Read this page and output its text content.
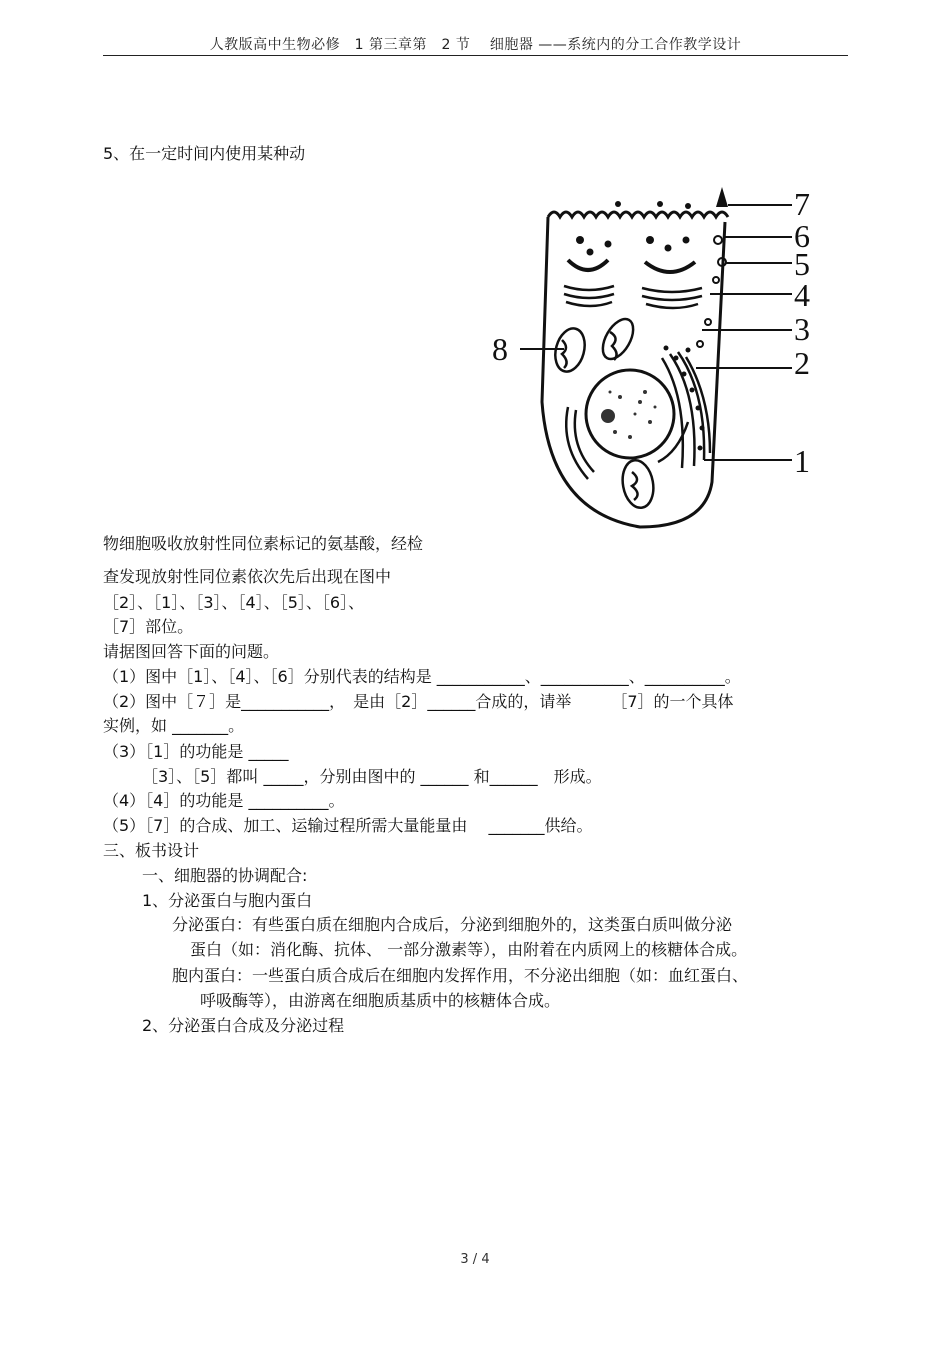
人教版高中生物必修　1 第三章第　2 节　 细胞器 ——系统内的分工合作教学设计
5、在一定时间内使用某种动
7
6
5
4
3
2
1
8
物细胞吸收放射性同位素标记的氨基酸，经检
查发现放射性同位素依次先后出现在图中
［2］、［1］、［3］、［4］、［5］、［6］、
［7］部位。
请据图回答下面的问题。
（1）图中［1］、［4］、［6］分别代表的结构是 ___________、___________、__________。
（2）图中［７］是___________，　是由［2］______合成的，请举　　　［7］的一个具体
实例，如 _______。
（3）［1］的功能是 _____
［3］、［5］都叫 _____，分别由图中的 ______ 和______　形成。
（4）［4］的功能是 __________。
（5）［7］的合成、加工、运输过程所需大量能量由　 _______供给。
三、板书设计
一、细胞器的协调配合:
1、分泌蛋白与胞内蛋白
分泌蛋白：有些蛋白质在细胞内合成后，分泌到细胞外的，这类蛋白质叫做分泌
蛋白（如：消化酶、抗体、 一部分激素等），由附着在内质网上的核糖体合成。
胞内蛋白：一些蛋白质合成后在细胞内发挥作用，不分泌出细胞（如：血红蛋白、
呼吸酶等），由游离在细胞质基质中的核糖体合成。
2、分泌蛋白合成及分泌过程
3 / 4
